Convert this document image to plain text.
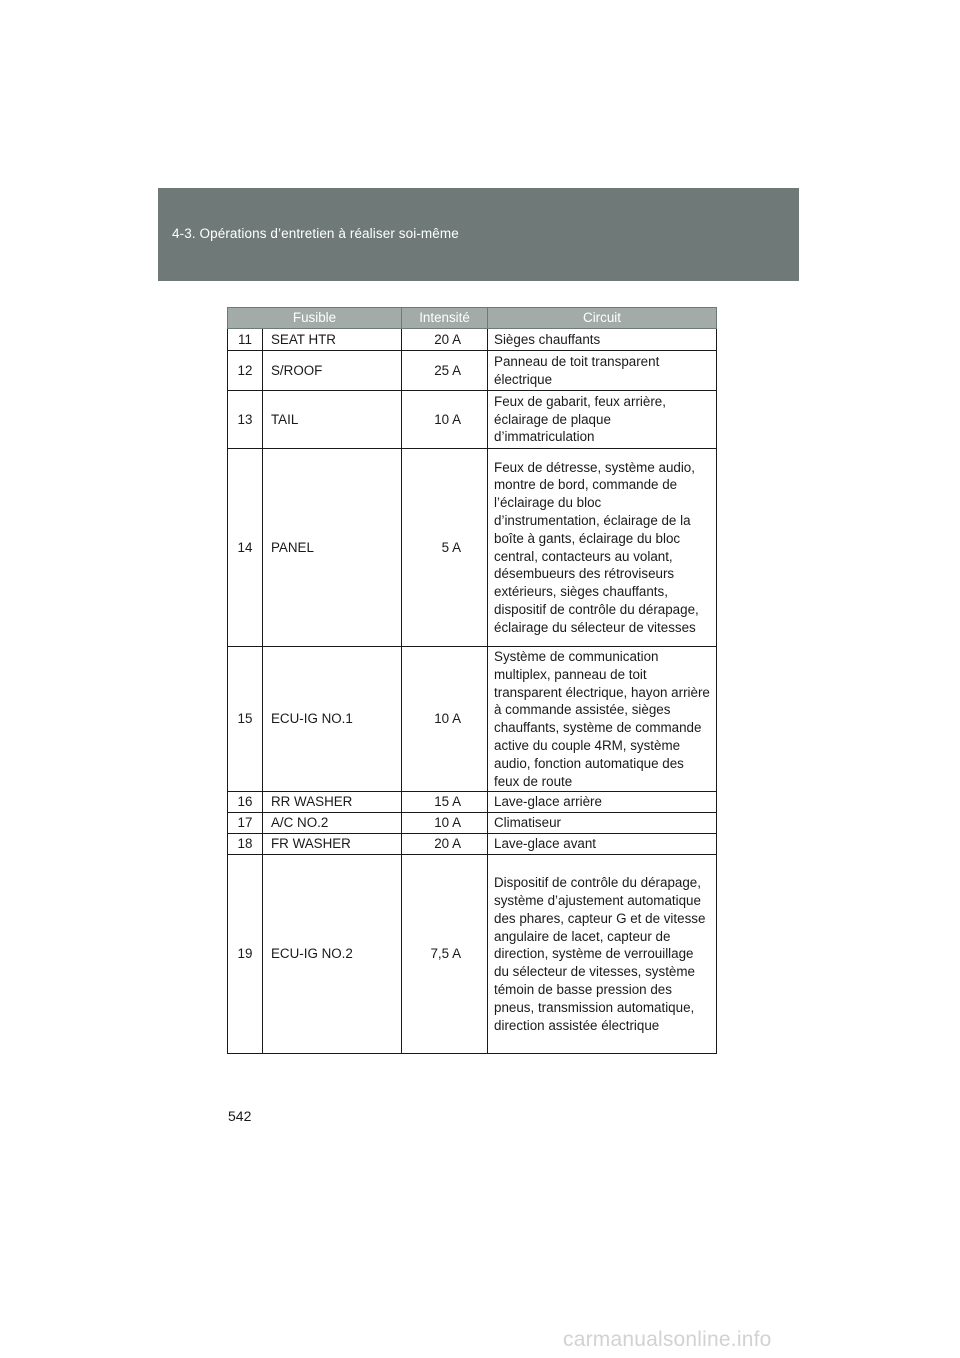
4-3. Opérations d’entretien à réaliser soi-même
Fusible		Intensité	Circuit
11	SEAT HTR	20 A	Sièges chauffants
12	S/ROOF	25 A	Panneau de toit transparent électrique
13	TAIL	10 A	Feux de gabarit, feux arrière, éclairage de plaque d’immatriculation
14	PANEL	5 A	Feux de détresse, système audio, montre de bord, commande de l’éclairage du bloc d’instrumentation, éclairage de la boîte à gants, éclairage du bloc central, contacteurs au volant, désembueurs des rétroviseurs extérieurs, sièges chauffants, dispositif de contrôle du dérapage, éclairage du sélecteur de vitesses
15	ECU-IG NO.1	10 A	Système de communication multiplex, panneau de toit transparent électrique, hayon arrière à commande assistée, sièges chauffants, système de commande active du couple 4RM, système audio, fonction automatique des feux de route
16	RR WASHER	15 A	Lave-glace arrière
17	A/C NO.2	10 A	Climatiseur
18	FR WASHER	20 A	Lave-glace avant
19	ECU-IG NO.2	7,5 A	Dispositif de contrôle du dérapage, système d’ajustement automatique des phares, capteur G et de vitesse angulaire de lacet, capteur de direction, système de verrouillage du sélecteur de vitesses, système témoin de basse pression des pneus, transmission automatique, direction assistée électrique
542
carmanualsonline.info
